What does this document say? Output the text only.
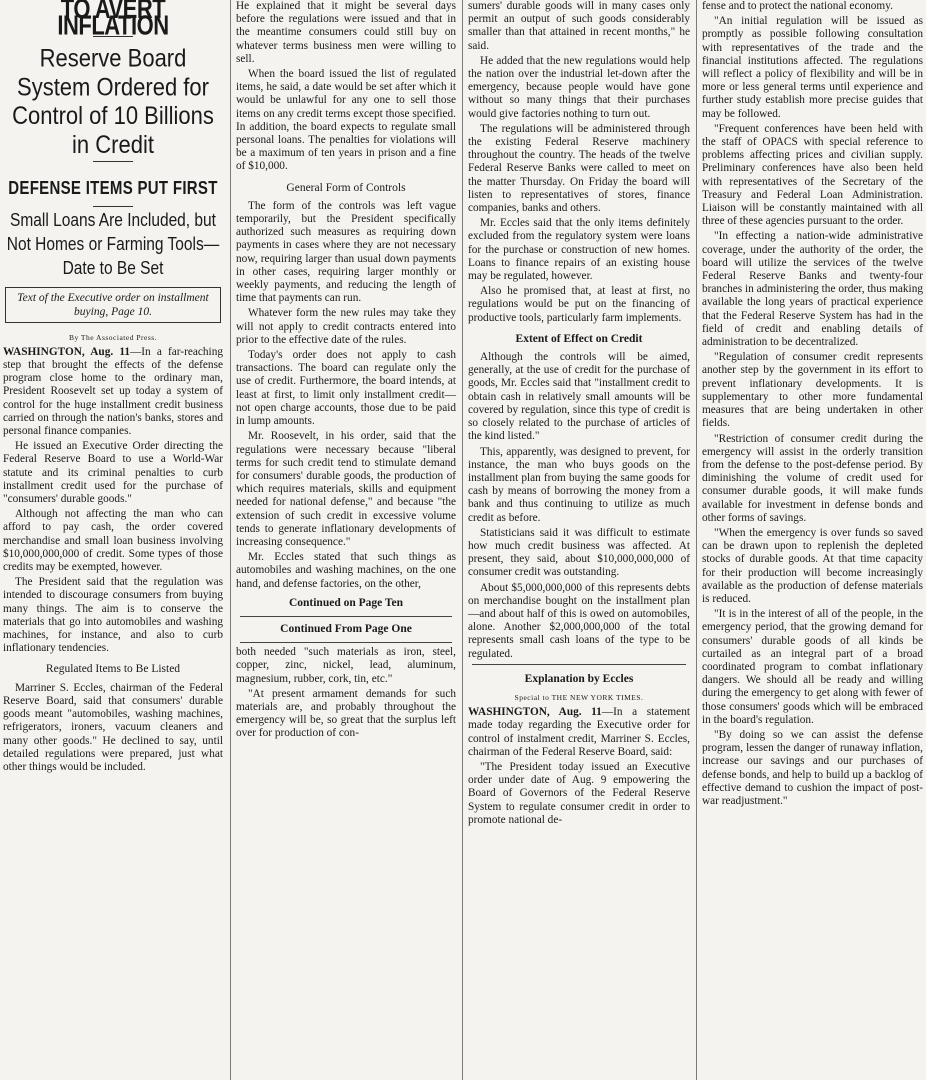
TO AVERT INFLATION
Reserve Board System Ordered for Control of 10 Billions in Credit
DEFENSE ITEMS PUT FIRST
Small Loans Are Included, but Not Homes or Farming Tools—Date to Be Set
Text of the Executive order on installment buying, Page 10.
By The Associated Press.

WASHINGTON, Aug. 11—In a far-reaching step that brought the effects of the defense program close home to the ordinary man, President Roosevelt set up today a system of control for the huge installment credit business carried on through the nation's banks, stores and personal finance companies.

He issued an Executive Order directing the Federal Reserve Board to use a World-War statute and its criminal penalties to curb installment credit used for the purchase of "consumers' durable goods."

Although not affecting the man who can afford to pay cash, the order covered merchandise and small loan business involving $10,000,000,000 of credit. Some types of those credits may be exempted, however.

The President said that the regulation was intended to discourage consumers from buying many things. The aim is to conserve the materials that go into automobiles and washing machines, for instance, and also to curb inflationary tendencies.

Regulated Items to Be Listed

Marriner S. Eccles, chairman of the Federal Reserve Board, said that consumers' durable goods meant "automobiles, washing machines, refrigerators, ironers, vacuum cleaners and many other goods." He declined to say, until detailed regulations were prepared, just what other things would be included.

He explained that it might be several days before the regulations were issued and that in the meantime consumers could still buy on whatever terms business men were willing to sell.

When the board issued the list of regulated items, he said, a date would be set after which it would be unlawful for any one to sell those items on any credit terms except those specified. In addition, the board expects to regulate small personal loans. The penalties for violations will be a maximum of ten years in prison and a fine of $10,000.

General Form of Controls

The form of the controls was left vague temporarily, but the President specifically authorized such measures as requiring down payments in cases where they are not necessary now, requiring larger than usual down payments in other cases, requiring larger monthly or weekly payments, and reducing the length of time that payments can run.

Whatever form the new rules may take they will not apply to credit contracts entered into prior to the effective date of the rules.

Today's order does not apply to cash transactions. The board can regulate only the use of credit. Furthermore, the board intends, at least at first, to limit only installment credit—not open charge accounts, those due to be paid in lump amounts.

Mr. Roosevelt, in his order, said that the regulations were necessary because "liberal terms for such credit tend to stimulate demand for consumers' durable goods, the production of which requires materials, skills and equipment needed for national defense," and because "the extension of such credit in excessive volume tends to generate inflationary developments of increasing consequence."

Mr. Eccles stated that such things as automobiles and washing machines, on the one hand, and defense factories, on the other,

Continued on Page Ten
Continued From Page One

both needed "such materials as iron, steel, copper, zinc, nickel, lead, aluminum, magnesium, rubber, cork, tin, etc."

"At present armament demands for such materials are, and probably throughout the emergency will be, so great that the surplus left over for production of con-

sumers' durable goods will in many cases only permit an output of such goods considerably smaller than that attained in recent months," he said.

He added that the new regulations would help the nation over the industrial let-down after the emergency, because people would have gone without so many things that their purchases would give factories nothing to turn out.

The regulations will be administered through the existing Federal Reserve machinery throughout the country. The heads of the twelve Federal Reserve Banks were called to meet on the matter Thursday. On Friday the board will listen to representatives of stores, finance companies, banks and others.

Mr. Eccles said that the only items definitely excluded from the regulatory system were loans for the purchase or construction of new homes. Loans to finance repairs of an existing house may be regulated, however.

Also he promised that, at least at first, no regulations would be put on the financing of productive tools, particularly farm implements.

Extent of Effect on Credit

Although the controls will be aimed, generally, at the use of credit for the purchase of goods, Mr. Eccles said that "installment credit to obtain cash in relatively small amounts will be covered by regulation, since this type of credit is so closely related to the purchase of articles of the kind listed."

This, apparently, was designed to prevent, for instance, the man who buys goods on the installment plan from buying the same goods for cash by means of borrowing the money from a bank and thus continuing to utilize as much credit as before.

Statisticians said it was difficult to estimate how much credit business was affected. At present, they said, about $10,000,000,000 of consumer credit was outstanding.

About $5,000,000,000 of this represents debts on merchandise bought on the installment plan—and about half of this is owed on automobiles, alone. Another $2,000,000,000 of the total represents small cash loans of the type to be regulated.

Explanation by Eccles
Special to THE NEW YORK TIMES.

WASHINGTON, Aug. 11—In a statement made today regarding the Executive order for control of instalment credit, Marriner S. Eccles, chairman of the Federal Reserve Board, said:

"The President today issued an Executive order under date of Aug. 9 empowering the Board of Governors of the Federal Reserve System to regulate consumer credit in order to promote national de-

fense and to protect the national economy.

"An initial regulation will be issued as promptly as possible following consultation with representatives of the trade and the financial institutions affected. The regulations will reflect a policy of flexibility and will be in more or less general terms until experience and further study establish more precise guides that may be followed.

"Frequent conferences have been held with the staff of OPACS with special reference to problems affecting prices and civilian supply. Preliminary conferences have also been held with representatives of the Secretary of the Treasury and Federal Loan Administration. Liaison will be constantly maintained with all three of these agencies pursuant to the order.

"In effecting a nation-wide administrative coverage, under the authority of the order, the board will utilize the services of the twelve Federal Reserve Banks and twenty-four branches in administering the order, thus making available the long years of practical experience that the Federal Reserve System has had in the field of credit and enabling details of administration to be decentralized.

"Regulation of consumer credit represents another step by the government in its effort to prevent inflationary developments. It is supplementary to other more fundamental measures that are being undertaken in other fields.

"Restriction of consumer credit during the emergency will assist in the orderly transition from the defense to the post-defense period. By diminishing the volume of credit used for consumer durable goods, it will make funds available for investment in defense bonds and other forms of savings.

"When the emergency is over funds so saved can be drawn upon to replenish the depleted stocks of durable goods. At that time capacity for their production will become increasingly available as the production of defense materials is reduced.

"It is in the interest of all of the people, in the emergency period, that the growing demand for consumers' durable goods of all kinds be curtailed as an integral part of a broad coordinated program to combat inflationary dangers. We should all be ready and willing during the emergency to get along with fewer of those consumers' goods which will be embraced in the board's regulation.

"By doing so we can assist the defense program, lessen the danger of runaway inflation, increase our savings and our purchases of defense bonds, and help to build up a backlog of effective demand to cushion the impact of post-war readjustment."
